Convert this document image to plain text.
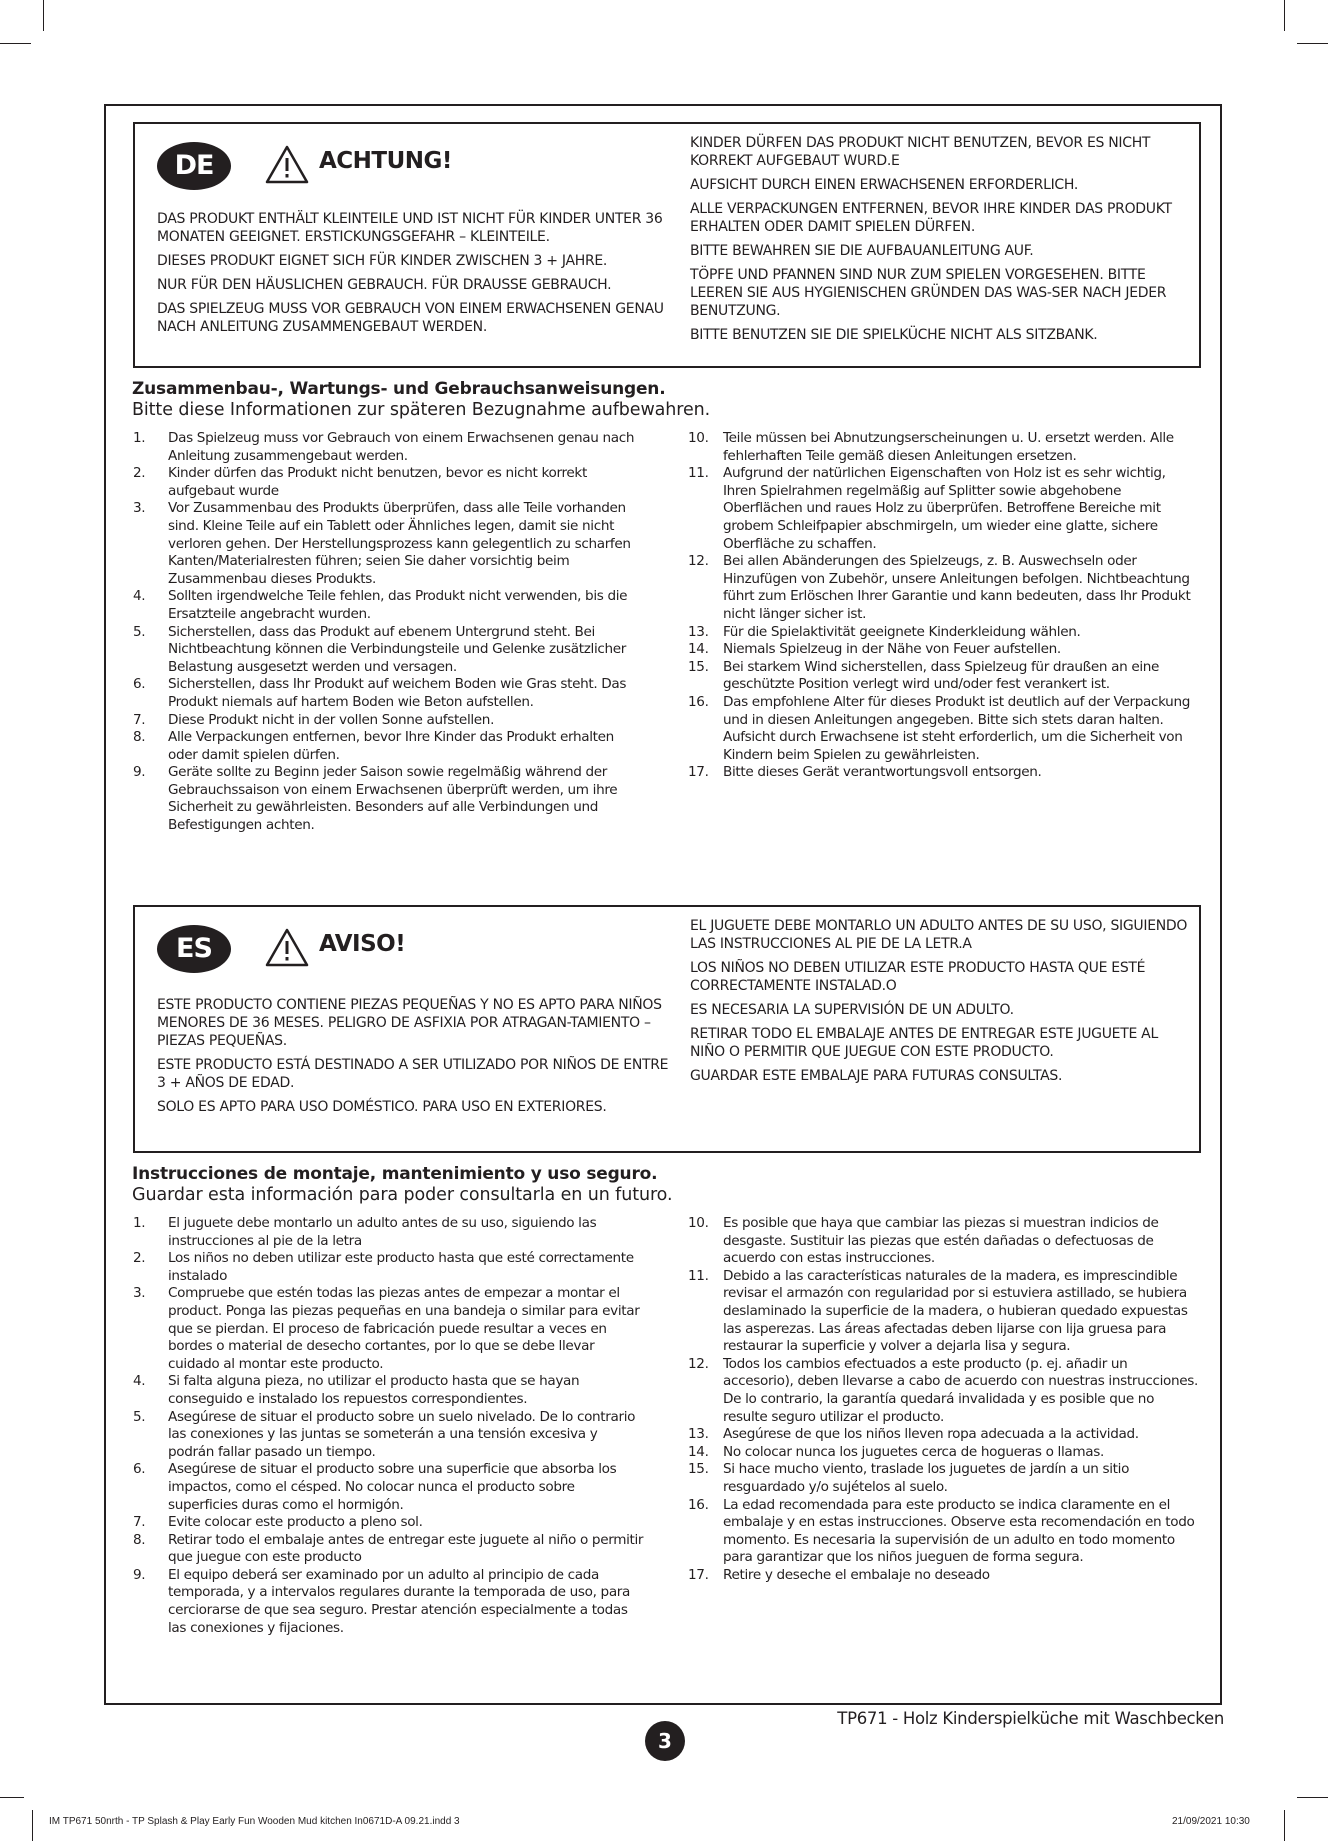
DE	ACHTUNG!

DAS PRODUKT ENTHÄLT KLEINTEILE UND IST NICHT FÜR KINDER UNTER 36 MONATEN GEEIGNET. ERSTICKUNGSGEFAHR – KLEINTEILE.

DIESES PRODUKT EIGNET SICH FÜR KINDER ZWISCHEN 3 + JAHRE.

NUR FÜR DEN HÄUSLICHEN GEBRAUCH. FÜR DRAUSSE GEBRAUCH.

DAS SPIELZEUG MUSS VOR GEBRAUCH VON EINEM ERWACHSENEN GENAU NACH ANLEITUNG ZUSAMMENGEBAUT WERDEN.

KINDER DÜRFEN DAS PRODUKT NICHT BENUTZEN, BEVOR ES NICHT KORREKT AUFGEBAUT WURD.E

AUFSICHT DURCH EINEN ERWACHSENEN ERFORDERLICH.

ALLE VERPACKUNGEN ENTFERNEN, BEVOR IHRE KINDER DAS PRODUKT ERHALTEN ODER DAMIT SPIELEN DÜRFEN.

BITTE BEWAHREN SIE DIE AUFBAUANLEITUNG AUF.

TÖPFE UND PFANNEN SIND NUR ZUM SPIELEN VORGESEHEN. BITTE LEEREN SIE AUS HYGIENISCHEN GRÜNDEN DAS WAS-SER NACH JEDER BENUTZUNG.

BITTE BENUTZEN SIE DIE SPIELKÜCHE NICHT ALS SITZBANK.

Zusammenbau-, Wartungs- und Gebrauchsanweisungen.
Bitte diese Informationen zur späteren Bezugnahme aufbewahren.
1. Das Spielzeug muss vor Gebrauch von einem Erwachsenen genau nach Anleitung zusammengebaut werden.
2. Kinder dürfen das Produkt nicht benutzen, bevor es nicht korrekt aufgebaut wurde
3. Vor Zusammenbau des Produkts überprüfen, dass alle Teile vorhanden sind. Kleine Teile auf ein Tablett oder Ähnliches legen, damit sie nicht verloren gehen. Der Herstellungsprozess kann gelegentlich zu scharfen Kanten/Materialresten führen; seien Sie daher vorsichtig beim Zusammenbau dieses Produkts.
4. Sollten irgendwelche Teile fehlen, das Produkt nicht verwenden, bis die Ersatzteile angebracht wurden.
5. Sicherstellen, dass das Produkt auf ebenem Untergrund steht. Bei Nichtbeachtung können die Verbindungsteile und Gelenke zusätzlicher Belastung ausgesetzt werden und versagen.
6. Sicherstellen, dass Ihr Produkt auf weichem Boden wie Gras steht. Das Produkt niemals auf hartem Boden wie Beton aufstellen.
7. Diese Produkt nicht in der vollen Sonne aufstellen.
8. Alle Verpackungen entfernen, bevor Ihre Kinder das Produkt erhalten oder damit spielen dürfen.
9. Geräte sollte zu Beginn jeder Saison sowie regelmäßig während der Gebrauchssaison von einem Erwachsenen überprüft werden, um ihre Sicherheit zu gewährleisten. Besonders auf alle Verbindungen und Befestigungen achten.
10. Teile müssen bei Abnutzungserscheinungen u. U. ersetzt werden. Alle fehlerhaften Teile gemäß diesen Anleitungen ersetzen.
11. Aufgrund der natürlichen Eigenschaften von Holz ist es sehr wichtig, Ihren Spielrahmen regelmäßig auf Splitter sowie abgehobene Oberflächen und raues Holz zu überprüfen. Betroffene Bereiche mit grobem Schleifpapier abschmirgeln, um wieder eine glatte, sichere Oberfläche zu schaffen.
12. Bei allen Abänderungen des Spielzeugs, z. B. Auswechseln oder Hinzufügen von Zubehör, unsere Anleitungen befolgen. Nichtbeachtung führt zum Erlöschen Ihrer Garantie und kann bedeuten, dass Ihr Produkt nicht länger sicher ist.
13. Für die Spielaktivität geeignete Kinderkleidung wählen.
14. Niemals Spielzeug in der Nähe von Feuer aufstellen.
15. Bei starkem Wind sicherstellen, dass Spielzeug für draußen an eine geschützte Position verlegt wird und/oder fest verankert ist.
16. Das empfohlene Alter für dieses Produkt ist deutlich auf der Verpackung und in diesen Anleitungen angegeben. Bitte sich stets daran halten. Aufsicht durch Erwachsene ist steht erforderlich, um die Sicherheit von Kindern beim Spielen zu gewährleisten.
17. Bitte dieses Gerät verantwortungsvoll entsorgen.
ES	AVISO!

ESTE PRODUCTO CONTIENE PIEZAS PEQUEÑAS Y NO ES APTO PARA NIÑOS MENORES DE 36 MESES. PELIGRO DE ASFIXIA POR ATRAGAN-TAMIENTO – PIEZAS PEQUEÑAS.

ESTE PRODUCTO ESTÁ DESTINADO A SER UTILIZADO POR NIÑOS DE ENTRE 3 + AÑOS DE EDAD.

SOLO ES APTO PARA USO DOMÉSTICO. PARA USO EN EXTERIORES.

EL JUGUETE DEBE MONTARLO UN ADULTO ANTES DE SU USO, SIGUIENDO LAS INSTRUCCIONES AL PIE DE LA LETR.A

LOS NIÑOS NO DEBEN UTILIZAR ESTE PRODUCTO HASTA QUE ESTÉ CORRECTAMENTE INSTALAD.O

ES NECESARIA LA SUPERVISIÓN DE UN ADULTO.

RETIRAR TODO EL EMBALAJE ANTES DE ENTREGAR ESTE JUGUETE AL NIÑO O PERMITIR QUE JUEGUE CON ESTE PRODUCTO.

GUARDAR ESTE EMBALAJE PARA FUTURAS CONSULTAS.

Instrucciones de montaje, mantenimiento y uso seguro.
Guardar esta información para poder consultarla en un futuro.
1. El juguete debe montarlo un adulto antes de su uso, siguiendo las instrucciones al pie de la letra
2. Los niños no deben utilizar este producto hasta que esté correctamente instalado
3. Compruebe que estén todas las piezas antes de empezar a montar el product. Ponga las piezas pequeñas en una bandeja o similar para evitar que se pierdan. El proceso de fabricación puede resultar a veces en bordes o material de desecho cortantes, por lo que se debe llevar cuidado al montar este producto.
4. Si falta alguna pieza, no utilizar el producto hasta que se hayan conseguido e instalado los repuestos correspondientes.
5. Asegúrese de situar el producto sobre un suelo nivelado. De lo contrario las conexiones y las juntas se someterán a una tensión excesiva y podrán fallar pasado un tiempo.
6. Asegúrese de situar el producto sobre una superficie que absorba los impactos, como el césped. No colocar nunca el producto sobre superficies duras como el hormigón.
7. Evite colocar este producto a pleno sol.
8. Retirar todo el embalaje antes de entregar este juguete al niño o permitir que juegue con este producto
9. El equipo deberá ser examinado por un adulto al principio de cada temporada, y a intervalos regulares durante la temporada de uso, para cerciorarse de que sea seguro. Prestar atención especialmente a todas las conexiones y fijaciones.
10. Es posible que haya que cambiar las piezas si muestran indicios de desgaste. Sustituir las piezas que estén dañadas o defectuosas de acuerdo con estas instrucciones.
11. Debido a las características naturales de la madera, es imprescindible revisar el armazón con regularidad por si estuviera astillado, se hubiera deslaminado la superficie de la madera, o hubieran quedado expuestas las asperezas. Las áreas afectadas deben lijarse con lija gruesa para restaurar la superficie y volver a dejarla lisa y segura.
12. Todos los cambios efectuados a este producto (p. ej. añadir un accesorio), deben llevarse a cabo de acuerdo con nuestras instrucciones. De lo contrario, la garantía quedará invalidada y es posible que no resulte seguro utilizar el producto.
13. Asegúrese de que los niños lleven ropa adecuada a la actividad.
14. No colocar nunca los juguetes cerca de hogueras o llamas.
15. Si hace mucho viento, traslade los juguetes de jardín a un sitio resguardado y/o sujételos al suelo.
16. La edad recomendada para este producto se indica claramente en el embalaje y en estas instrucciones. Observe esta recomendación en todo momento. Es necesaria la supervisión de un adulto en todo momento para garantizar que los niños jueguen de forma segura.
17. Retire y deseche el embalaje no deseado
TP671 - Holz Kinderspielküche mit Waschbecken
3
IM TP671 50nrth - TP Splash & Play Early Fun Wooden Mud kitchen In0671D-A 09.21.indd 3	21/09/2021 10:30
